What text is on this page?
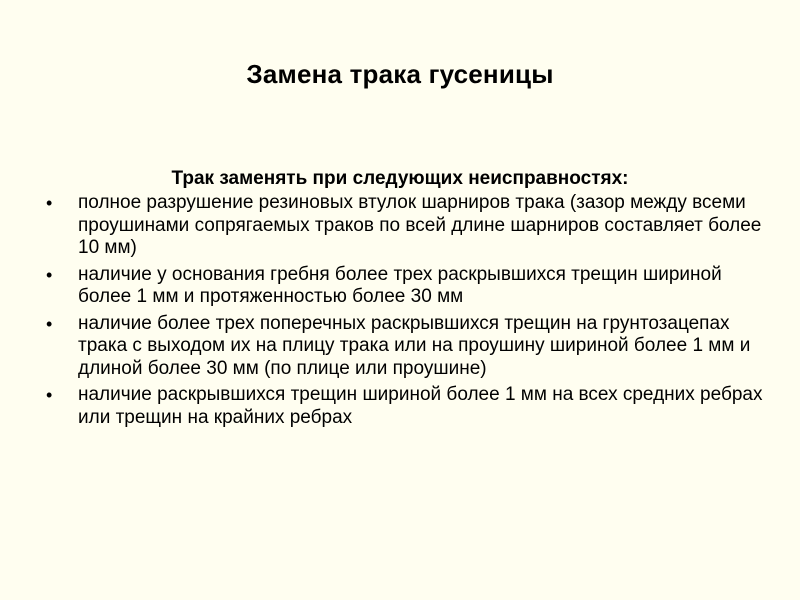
Замена трака гусеницы
Трак заменять при следующих неисправностях:
•	полное разрушение резиновых втулок шарниров трака (зазор между всеми проушинами сопрягаемых траков по всей длине шарниров составляет более 10 мм)
•	наличие у основания гребня более трех раскрывшихся трещин шириной более 1 мм и протяженностью более 30 мм
•	наличие более трех поперечных раскрывшихся трещин на грунтозацепах трака с выходом их на плицу трака или на проушину шириной более 1 мм и длиной более 30 мм (по плице или проушине)
•	наличие раскрывшихся трещин шириной более 1 мм на всех средних ребрах или трещин на крайних ребрах
